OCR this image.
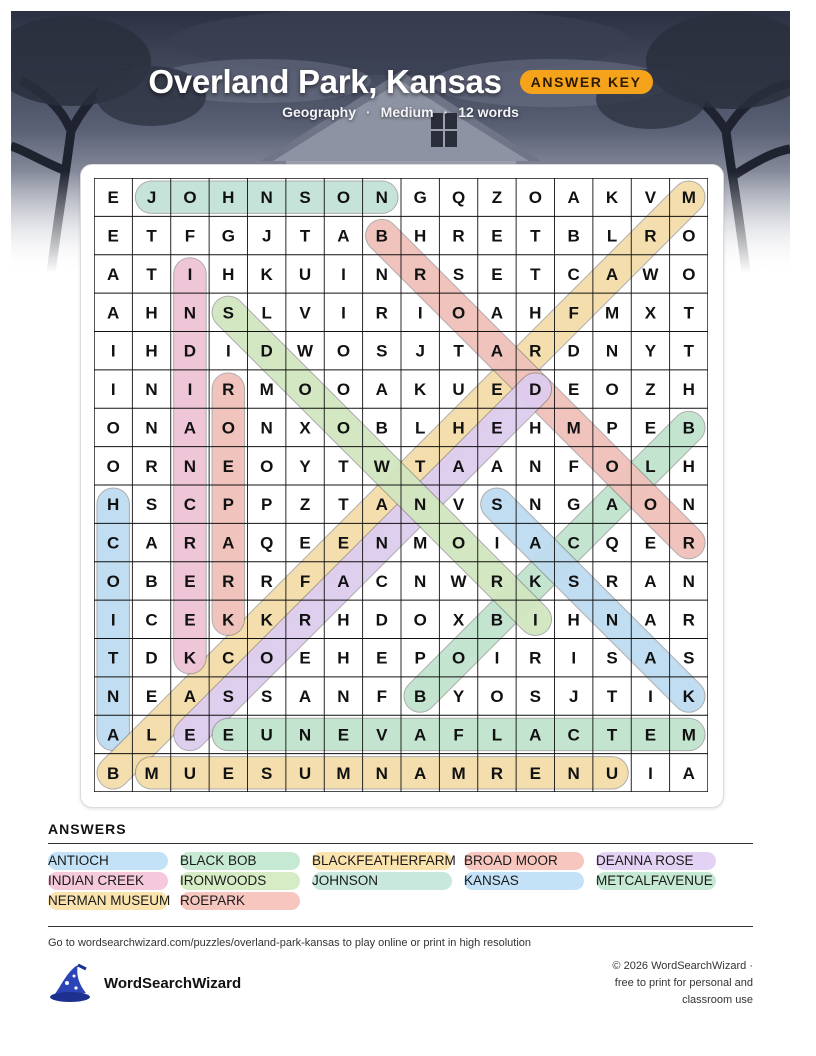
Overland Park, Kansas	ANSWER KEY
Geography · Medium · 12 words
E J O H N S O N G Q Z O A K V M
E T F G J T A B H R E T B L R O
A T I H K U I N R S E T C A W O
A H N S L V I R I O A H F M X T
I H D I D W O S J T A R D N Y T
I N I R M O O A K U E D E O Z H
O N A O N X O B L H E H M P E B
O R N E O Y T W T A A N F O L H
H S C P P Z T A N V S N G A O N
C A R A Q E E N M O I A C Q E R
O B E R R F A C N W R K S R A N
I C E K K R H D O X B I H N A R
T D K C O E H E P O I R I S A S
N E A S S A N F B Y O S J T I K
A L E E U N E V A F L A C T E M
B M U E S U M N A M R E N U I A
ANSWERS
ANTIOCH	BLACK BOB	BLACKFEATHERFARM BROAD MOOR	DEANNA ROSE
INDIAN CREEK	IRONWOODS	JOHNSON	KANSAS	METCALFAVENUE
NERMAN MUSEUM ROEPARK
Go to wordsearchwizard.com/puzzles/overland-park-kansas to play online or print in high resolution
WordSearchWizard
© 2026 WordSearchWizard ·
free to print for personal and
classroom use
